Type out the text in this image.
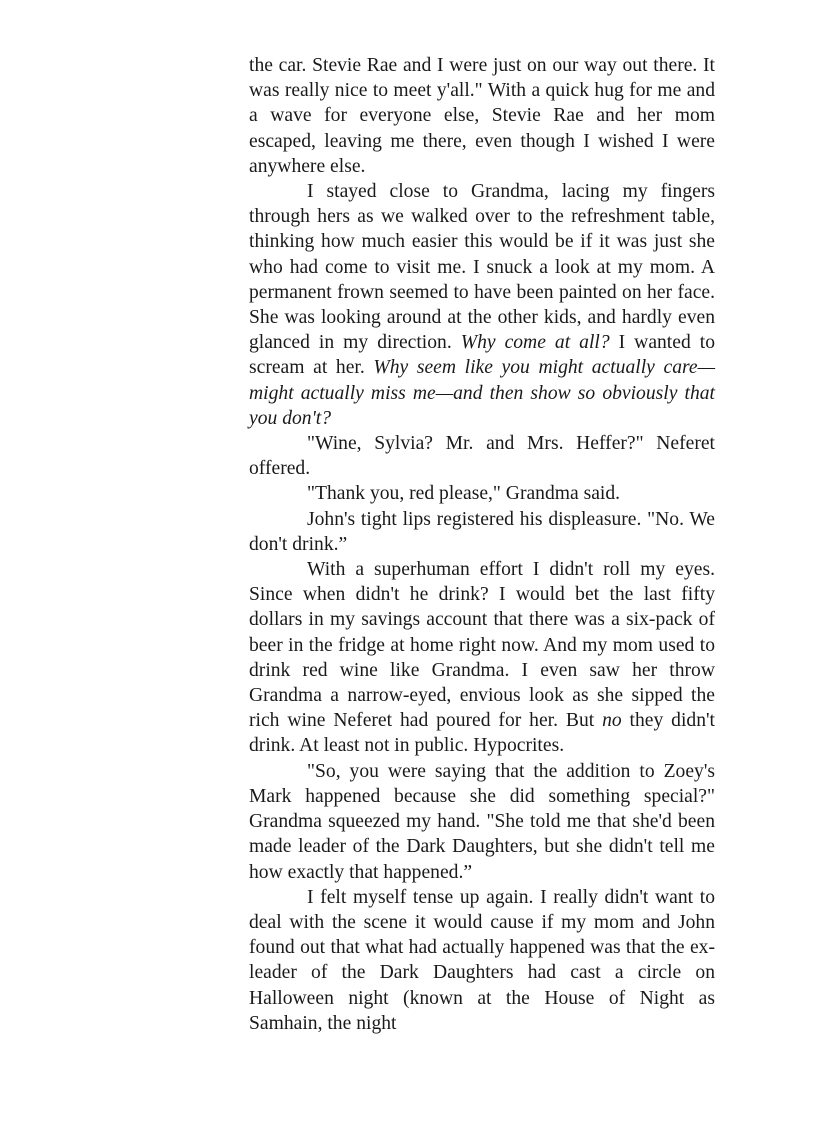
the car. Stevie Rae and I were just on our way out there. It was really nice to meet y'all." With a quick hug for me and a wave for everyone else, Stevie Rae and her mom escaped, leaving me there, even though I wished I were anywhere else.

I stayed close to Grandma, lacing my fingers through hers as we walked over to the refreshment table, thinking how much easier this would be if it was just she who had come to visit me. I snuck a look at my mom. A permanent frown seemed to have been painted on her face. She was looking around at the other kids, and hardly even glanced in my direction. Why come at all? I wanted to scream at her. Why seem like you might actually care—might actually miss me—and then show so obviously that you don't?

"Wine, Sylvia? Mr. and Mrs. Heffer?" Neferet offered.

"Thank you, red please," Grandma said.

John's tight lips registered his displeasure. "No. We don't drink.”

With a superhuman effort I didn't roll my eyes. Since when didn't he drink? I would bet the last fifty dollars in my savings account that there was a six-pack of beer in the fridge at home right now. And my mom used to drink red wine like Grandma. I even saw her throw Grandma a narrow-eyed, envious look as she sipped the rich wine Neferet had poured for her. But no they didn't drink. At least not in public. Hypocrites.

"So, you were saying that the addition to Zoey's Mark happened because she did something special?" Grandma squeezed my hand. "She told me that she'd been made leader of the Dark Daughters, but she didn't tell me how exactly that happened.”

I felt myself tense up again. I really didn't want to deal with the scene it would cause if my mom and John found out that what had actually happened was that the ex-leader of the Dark Daughters had cast a circle on Halloween night (known at the House of Night as Samhain, the night
